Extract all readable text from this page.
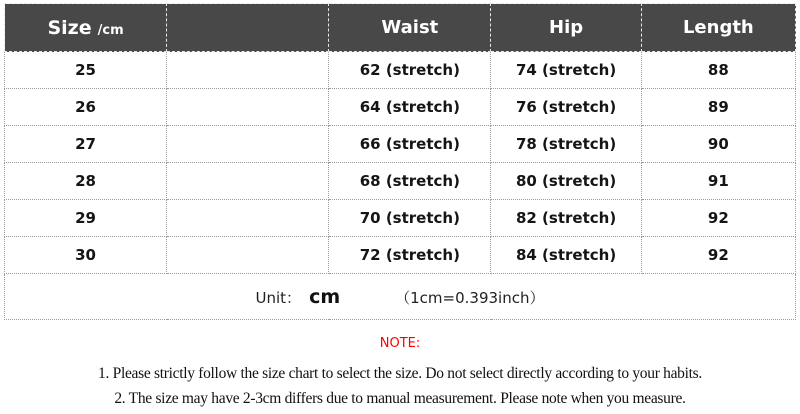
Size /cm		Waist	Hip	Length
25		62 (stretch)	74 (stretch)	88
26		64 (stretch)	76 (stretch)	89
27		66 (stretch)	78 (stretch)	90
28		68 (stretch)	80 (stretch)	91
29		70 (stretch)	82 (stretch)	92
30		72 (stretch)	84 (stretch)	92
Unit： cm （1cm=0.393inch）				
NOTE:
1. Please strictly follow the size chart to select the size. Do not select directly according to your habits.
2. The size may have 2-3cm differs due to manual measurement. Please note when you measure.
